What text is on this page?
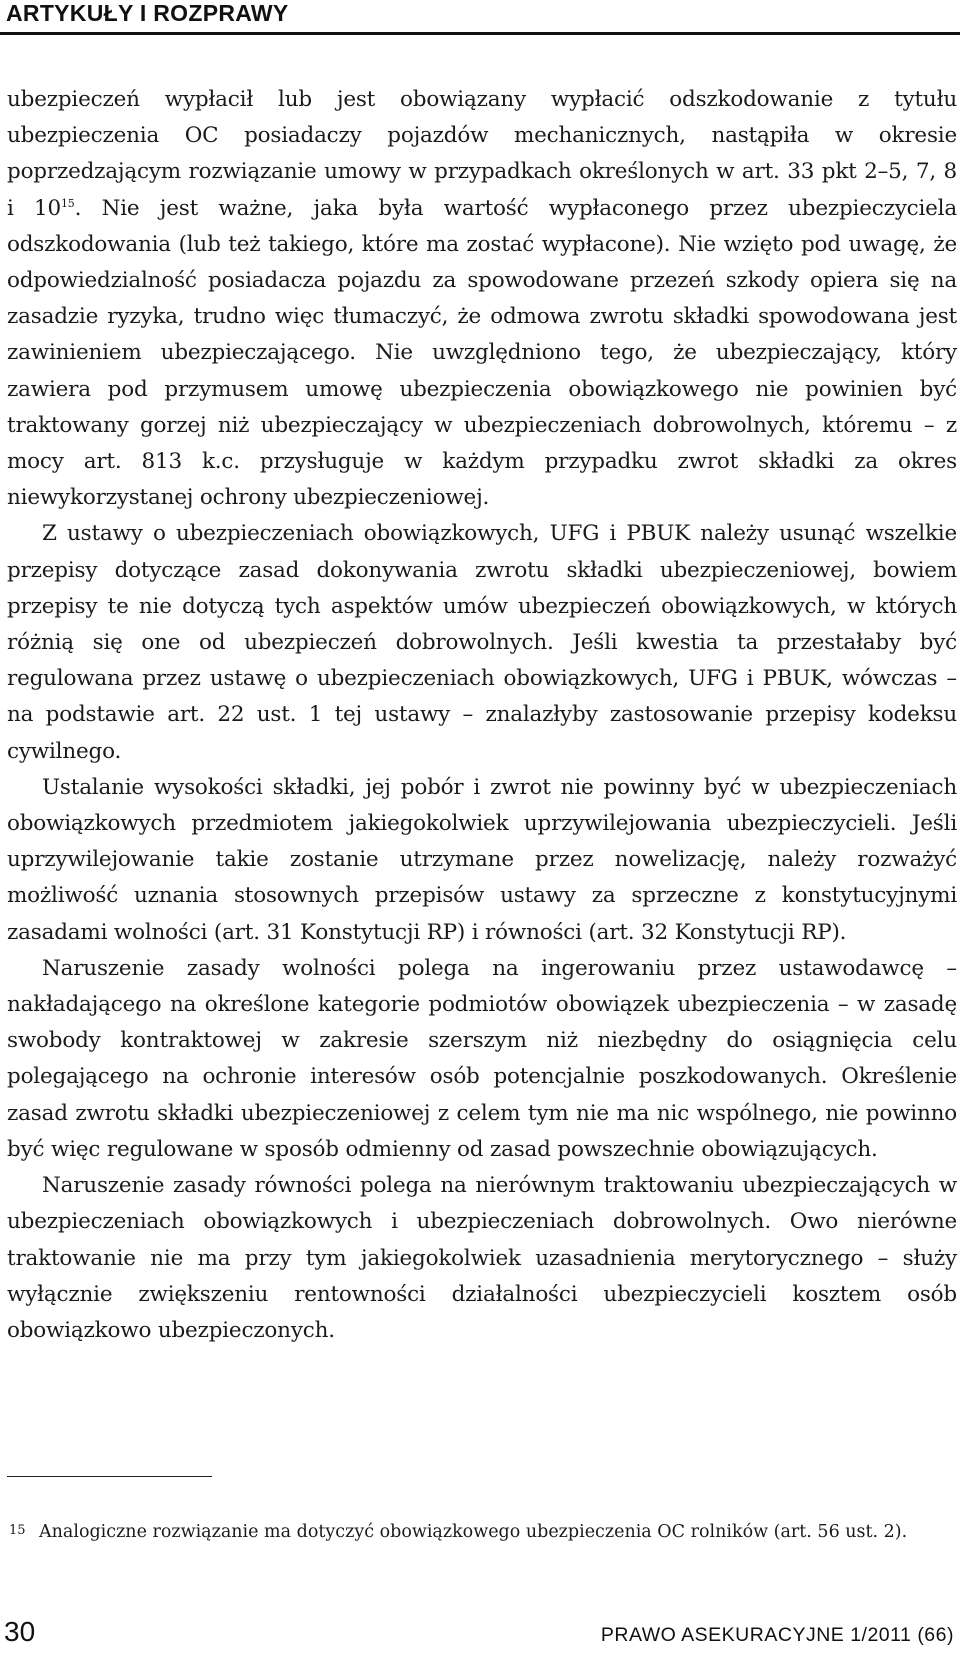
ARTYKUŁY I ROZPRAWY

ubezpieczeń wypłacił lub jest obowiązany wypłacić odszkodowanie z tytułu ubezpieczenia OC posiadaczy pojazdów mechanicznych, nastąpiła w okresie poprzedzającym rozwiązanie umowy w przypadkach określonych w art. 33 pkt 2–5, 7, 8 i $10^{15}$. Nie jest ważne, jaka była wartość wypłaconego przez ubezpieczyciela odszkodowania (lub też takiego, które ma zostać wypłacone). Nie wzięto pod uwagę, że odpowiedzialność posiadacza pojazdu za spowodowane przezeń szkody opiera się na zasadzie ryzyka, trudno więc tłumaczyć, że odmowa zwrotu składki spowodowana jest zawinieniem ubezpieczającego. Nie uwzględniono tego, że ubezpieczający, który zawiera pod przymusem umowę ubezpieczenia obowiązkowego nie powinien być traktowany gorzej niż ubezpieczający w ubezpieczeniach dobrowolnych, któremu – z mocy art. 813 k.c. przysługuje w każdym przypadku zwrot składki za okres niewykorzystanej ochrony ubezpieczeniowej.

Z ustawy o ubezpieczeniach obowiązkowych, UFG i PBUK należy usunąć wszelkie przepisy dotyczące zasad dokonywania zwrotu składki ubezpieczeniowej, bowiem przepisy te nie dotyczą tych aspektów umów ubezpieczeń obowiązkowych, w których różnią się one od ubezpieczeń dobrowolnych. Jeśli kwestia ta przestałaby być regulowana przez ustawę o ubezpieczeniach obowiązkowych, UFG i PBUK, wówczas – na podstawie art. 22 ust. 1 tej ustawy – znalazłyby zastosowanie przepisy kodeksu cywilnego.

Ustalanie wysokości składki, jej pobór i zwrot nie powinny być w ubezpieczeniach obowiązkowych przedmiotem jakiegokolwiek uprzywilejowania ubezpieczycieli. Jeśli uprzywilejowanie takie zostanie utrzymane przez nowelizację, należy rozważyć możliwość uznania stosownych przepisów ustawy za sprzeczne z konstytucyjnymi zasadami wolności (art. 31 Konstytucji RP) i równości (art. 32 Konstytucji RP).

Naruszenie zasady wolności polega na ingerowaniu przez ustawodawcę – nakładającego na określone kategorie podmiotów obowiązek ubezpieczenia – w zasadę swobody kontraktowej w zakresie szerszym niż niezbędny do osiągnięcia celu polegającego na ochronie interesów osób potencjalnie poszkodowanych. Określenie zasad zwrotu składki ubezpieczeniowej z celem tym nie ma nic wspólnego, nie powinno być więc regulowane w sposób odmienny od zasad powszechnie obowiązujących.

Naruszenie zasady równości polega na nierównym traktowaniu ubezpieczających w ubezpieczeniach obowiązkowych i ubezpieczeniach dobrowolnych. Owo nierówne traktowanie nie ma przy tym jakiegokolwiek uzasadnienia merytorycznego – służy wyłącznie zwiększeniu rentowności działalności ubezpieczycieli kosztem osób obowiązkowo ubezpieczonych.

15 Analogiczne rozwiązanie ma dotyczyć obowiązkowego ubezpieczenia OC rolników (art. 56 ust. 2).
30	PRAWO ASEKURACYJNE 1/2011 (66)
